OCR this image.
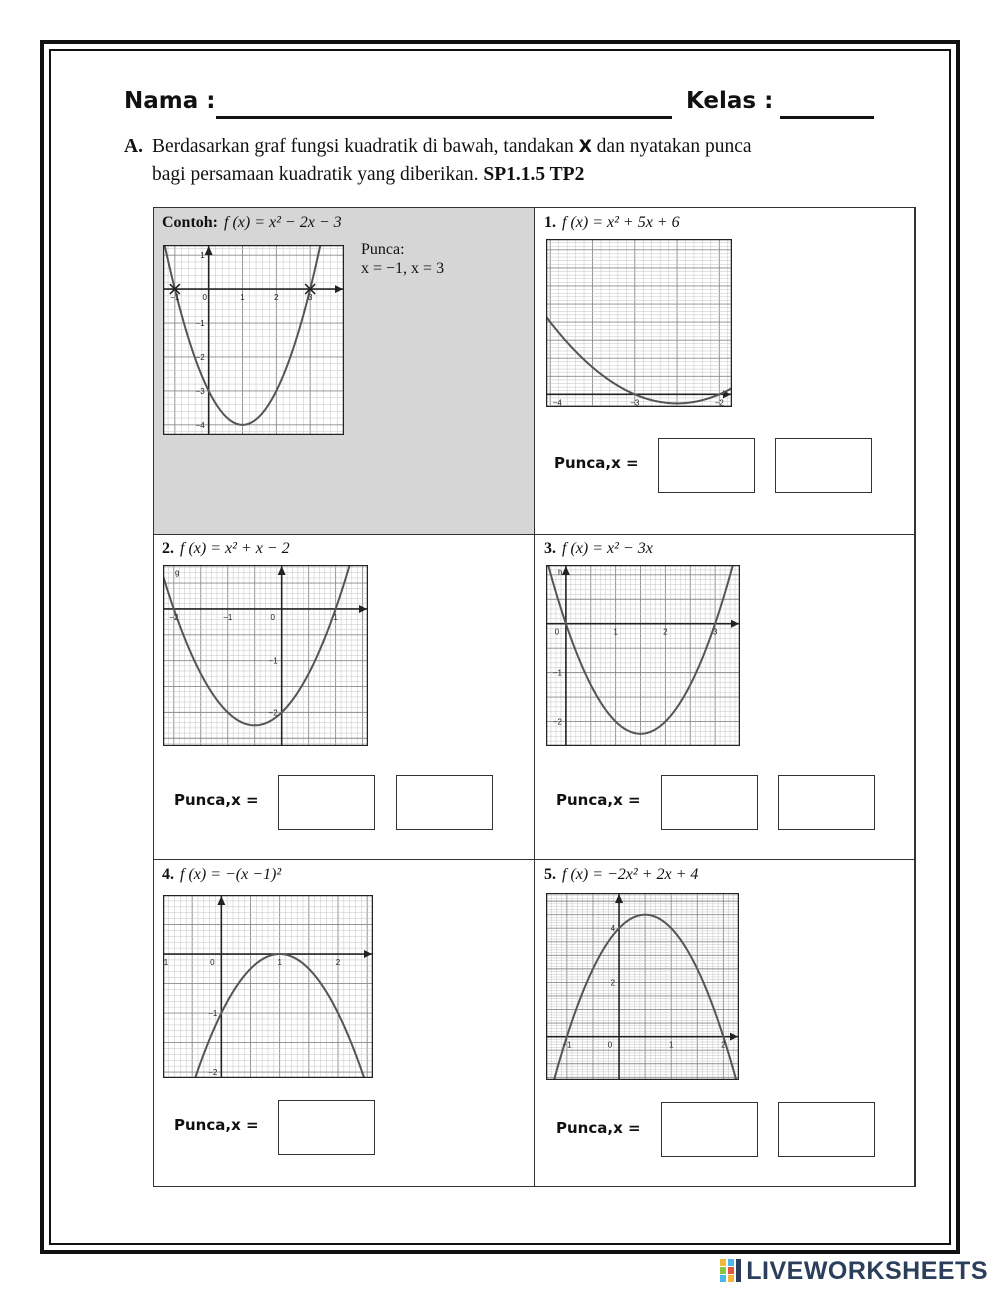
Nama :	Kelas :
A. Berdasarkan graf fungsi kuadratik di bawah, tandakan X dan nyatakan punca
bagi persamaan kuadratik yang diberikan. SP1.1.5 TP2
Contoh: f (x) = x² − 2x − 3
Punca:
x = −1, x = 3
−1	0	1	2	3
1
−1
−2
−3
−4
1. f (x) = x² + 5x + 6
−4	−3	−2
Punca,x =
2. f (x) = x² + x − 2
−2	−1	0	1
−1
−2
g
Punca,x =
3. f (x) = x² − 3x
0	1	2	3
−1
−2
h
Punca,x =
4. f (x) = −(x −1)²
1	0	1	2
−1
−2
Punca,x =
5. f (x) = −2x² + 2x + 4
−1	0	1	2
4
2
Punca,x =
LIVEWORKSHEETS
